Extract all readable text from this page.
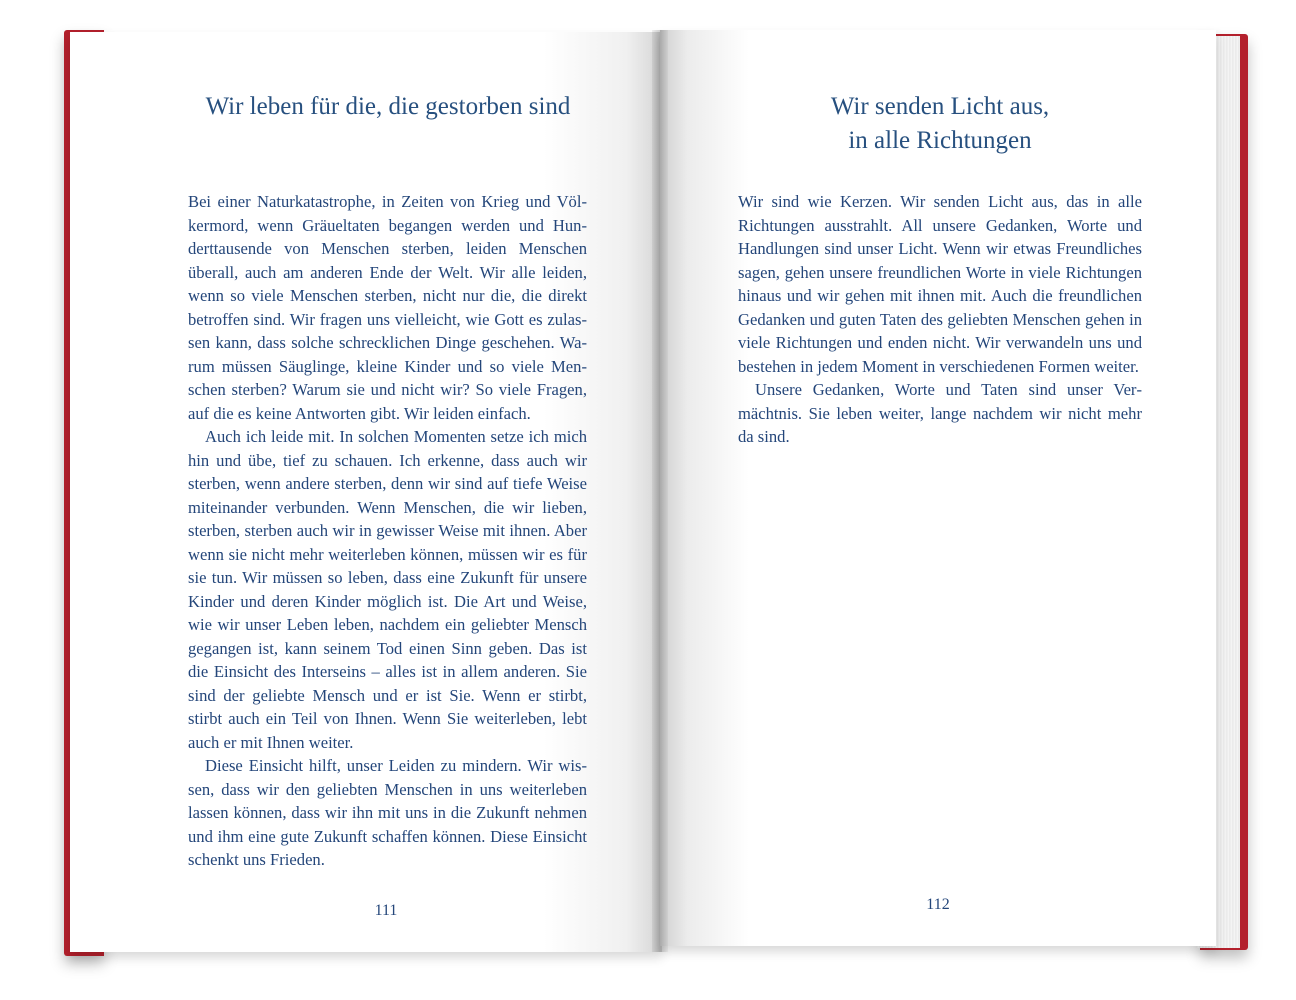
Wir leben für die, die gestorben sind

Bei einer Naturkatastrophe, in Zeiten von Krieg und Völkermord, wenn Gräueltaten begangen werden und Hunderttausende von Menschen sterben, leiden Menschen überall, auch am anderen Ende der Welt. Wir alle leiden, wenn so viele Menschen sterben, nicht nur die, die direkt betroffen sind. Wir fragen uns vielleicht, wie Gott es zulassen kann, dass solche schrecklichen Dinge geschehen. Warum müssen Säuglinge, kleine Kinder und so viele Menschen sterben? Warum sie und nicht wir? So viele Fragen, auf die es keine Antworten gibt. Wir leiden einfach.

Auch ich leide mit. In solchen Momenten setze ich mich hin und übe, tief zu schauen. Ich erkenne, dass auch wir sterben, wenn andere sterben, denn wir sind auf tiefe Weise miteinander verbunden. Wenn Menschen, die wir lieben, sterben, sterben auch wir in gewisser Weise mit ihnen. Aber wenn sie nicht mehr weiterleben können, müssen wir es für sie tun. Wir müssen so leben, dass eine Zukunft für unsere Kinder und deren Kinder möglich ist. Die Art und Weise, wie wir unser Leben leben, nachdem ein geliebter Mensch gegangen ist, kann seinem Tod einen Sinn geben. Das ist die Einsicht des Interseins – alles ist in allem anderen. Sie sind der geliebte Mensch und er ist Sie. Wenn er stirbt, stirbt auch ein Teil von Ihnen. Wenn Sie weiterleben, lebt auch er mit Ihnen weiter.

Diese Einsicht hilft, unser Leiden zu mindern. Wir wissen, dass wir den geliebten Menschen in uns weiterleben lassen können, dass wir ihn mit uns in die Zukunft nehmen und ihm eine gute Zukunft schaffen können. Diese Einsicht schenkt uns Frieden.

111
Wir senden Licht aus,
in alle Richtungen

Wir sind wie Kerzen. Wir senden Licht aus, das in alle Richtungen ausstrahlt. All unsere Gedanken, Worte und Handlungen sind unser Licht. Wenn wir etwas Freundliches sagen, gehen unsere freundlichen Worte in viele Richtungen hinaus und wir gehen mit ihnen mit. Auch die freundlichen Gedanken und guten Taten des geliebten Menschen gehen in viele Richtungen und enden nicht. Wir verwandeln uns und bestehen in jedem Moment in verschiedenen Formen weiter.

Unsere Gedanken, Worte und Taten sind unser Vermächtnis. Sie leben weiter, lange nachdem wir nicht mehr da sind.

112
